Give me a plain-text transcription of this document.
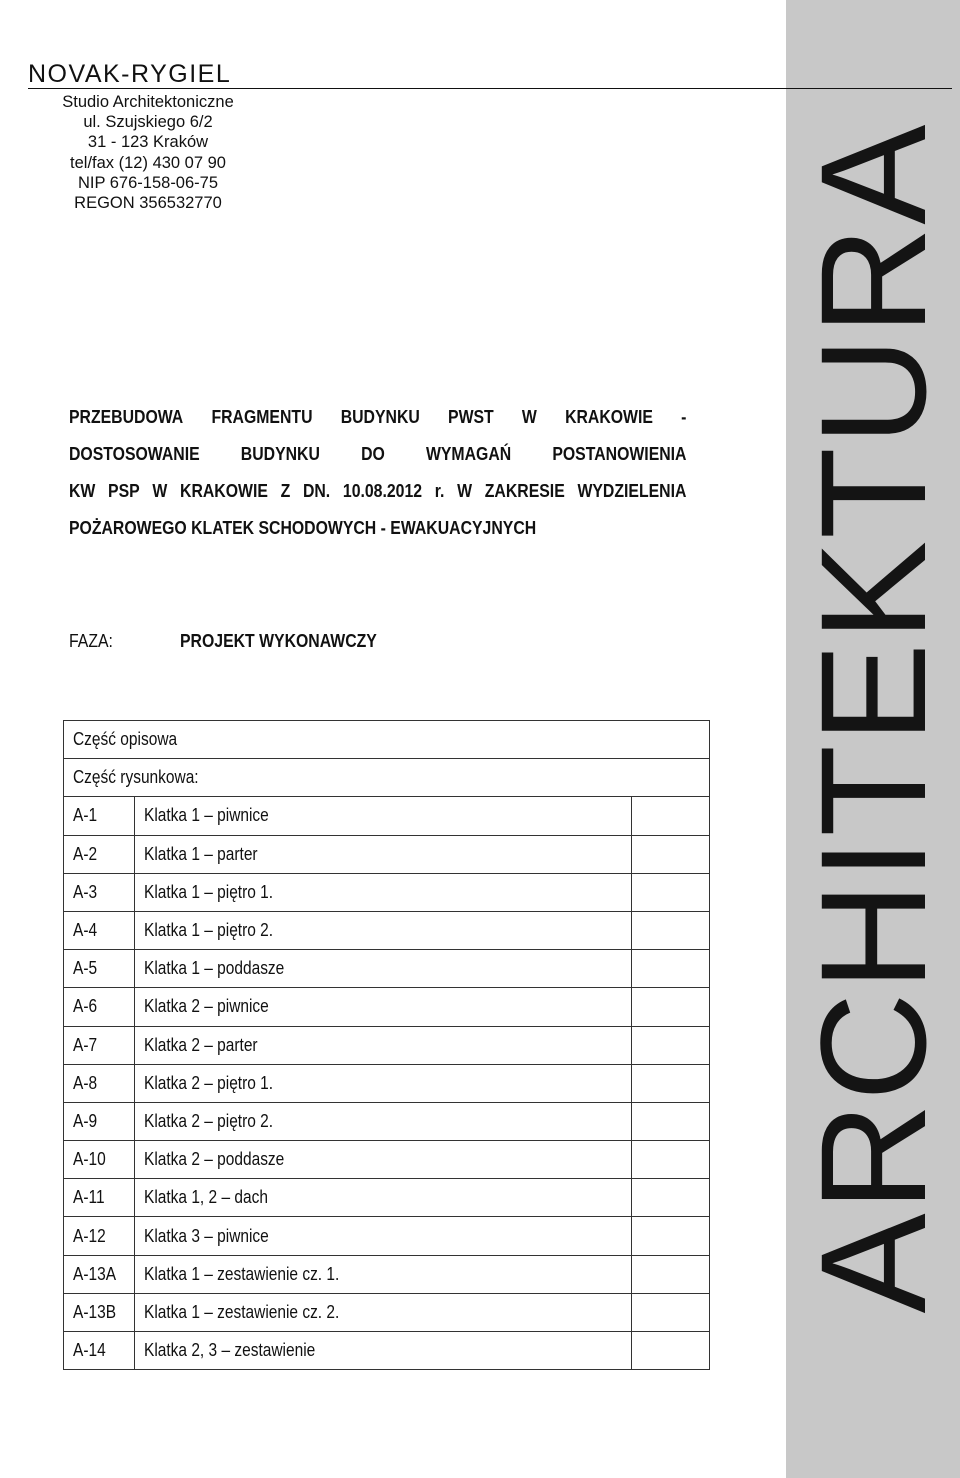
ARCHITEKTURA
NOVAK-RYGIEL
Studio Architektoniczne
ul. Szujskiego 6/2
31 - 123 Kraków
tel/fax (12) 430 07 90
NIP 676-158-06-75
REGON 356532770
PRZEBUDOWA FRAGMENTU BUDYNKU PWST W KRAKOWIE -
DOSTOSOWANIE BUDYNKU DO WYMAGAŃ POSTANOWIENIA
KW PSP W KRAKOWIE Z DN. 10.08.2012 r. W ZAKRESIE WYDZIELENIA
POŻAROWEGO KLATEK SCHODOWYCH - EWAKUACYJNYCH
FAZA:	PROJEKT WYKONAWCZY
Część opisowa		
Część rysunkowa:		
A-1	Klatka 1 – piwnice	
A-2	Klatka 1 – parter	
A-3	Klatka 1 – piętro 1.	
A-4	Klatka 1 – piętro 2.	
A-5	Klatka 1 – poddasze	
A-6	Klatka 2 – piwnice	
A-7	Klatka 2 – parter	
A-8	Klatka 2 – piętro 1.	
A-9	Klatka 2 – piętro 2.	
A-10	Klatka 2 – poddasze	
A-11	Klatka 1, 2 – dach	
A-12	Klatka 3 – piwnice	
A-13A	Klatka 1 – zestawienie cz. 1.	
A-13B	Klatka 1 – zestawienie cz. 2.	
A-14	Klatka 2, 3 – zestawienie	
